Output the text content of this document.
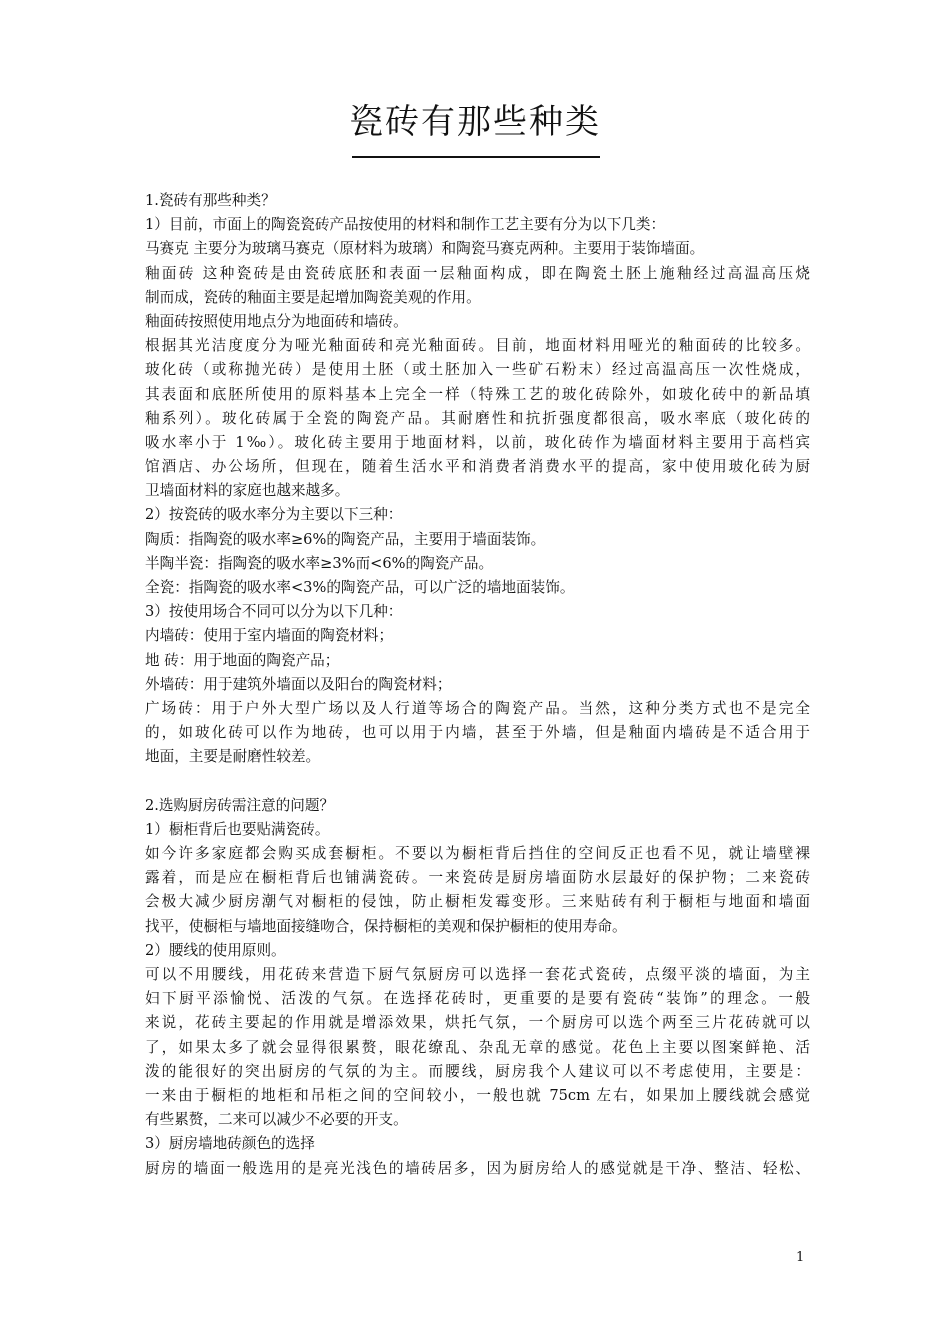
瓷砖有那些种类
1.瓷砖有那些种类？
1）目前，市面上的陶瓷瓷砖产品按使用的材料和制作工艺主要有分为以下几类：
马赛克 主要分为玻璃马赛克（原材料为玻璃）和陶瓷马赛克两种。主要用于装饰墙面。
釉面砖 这种瓷砖是由瓷砖底胚和表面一层釉面构成，即在陶瓷土胚上施釉经过高温高压烧
制而成，瓷砖的釉面主要是起增加陶瓷美观的作用。
釉面砖按照使用地点分为地面砖和墙砖。
根据其光洁度度分为哑光釉面砖和亮光釉面砖。目前，地面材料用哑光的釉面砖的比较多。
玻化砖（或称抛光砖）是使用土胚（或土胚加入一些矿石粉末）经过高温高压一次性烧成，
其表面和底胚所使用的原料基本上完全一样（特殊工艺的玻化砖除外，如玻化砖中的新品填
釉系列）。玻化砖属于全瓷的陶瓷产品。其耐磨性和抗折强度都很高，吸水率底（玻化砖的
吸水率小于 1‰）。玻化砖主要用于地面材料，以前，玻化砖作为墙面材料主要用于高档宾
馆酒店、办公场所，但现在，随着生活水平和消费者消费水平的提高，家中使用玻化砖为厨
卫墙面材料的家庭也越来越多。
2）按瓷砖的吸水率分为主要以下三种：
陶质：指陶瓷的吸水率≥6%的陶瓷产品，主要用于墙面装饰。
半陶半瓷：指陶瓷的吸水率≥3%而<6%的陶瓷产品。
全瓷：指陶瓷的吸水率<3%的陶瓷产品，可以广泛的墙地面装饰。
3）按使用场合不同可以分为以下几种：
内墙砖：使用于室内墙面的陶瓷材料；
地 砖：用于地面的陶瓷产品；
外墙砖：用于建筑外墙面以及阳台的陶瓷材料；
广场砖：用于户外大型广场以及人行道等场合的陶瓷产品。当然，这种分类方式也不是完全
的，如玻化砖可以作为地砖，也可以用于内墙，甚至于外墙，但是釉面内墙砖是不适合用于
地面，主要是耐磨性较差。
2.选购厨房砖需注意的问题？
1）橱柜背后也要贴满瓷砖。
如今许多家庭都会购买成套橱柜。不要以为橱柜背后挡住的空间反正也看不见，就让墙壁裸
露着，而是应在橱柜背后也铺满瓷砖。一来瓷砖是厨房墙面防水层最好的保护物；二来瓷砖
会极大减少厨房潮气对橱柜的侵蚀，防止橱柜发霉变形。三来贴砖有利于橱柜与地面和墙面
找平，使橱柜与墙地面接缝吻合，保持橱柜的美观和保护橱柜的使用寿命。
2）腰线的使用原则。
可以不用腰线，用花砖来营造下厨气氛厨房可以选择一套花式瓷砖，点缀平淡的墙面，为主
妇下厨平添愉悦、活泼的气氛。在选择花砖时，更重要的是要有瓷砖“装饰”的理念。一般
来说，花砖主要起的作用就是增添效果，烘托气氛，一个厨房可以选个两至三片花砖就可以
了，如果太多了就会显得很累赘，眼花缭乱、杂乱无章的感觉。花色上主要以图案鲜艳、活
泼的能很好的突出厨房的气氛的为主。而腰线，厨房我个人建议可以不考虑使用，主要是：
一来由于橱柜的地柜和吊柜之间的空间较小，一般也就 75cm 左右，如果加上腰线就会感觉
有些累赘，二来可以减少不必要的开支。
3）厨房墙地砖颜色的选择
厨房的墙面一般选用的是亮光浅色的墙砖居多，因为厨房给人的感觉就是干净、整洁、轻松、
1
